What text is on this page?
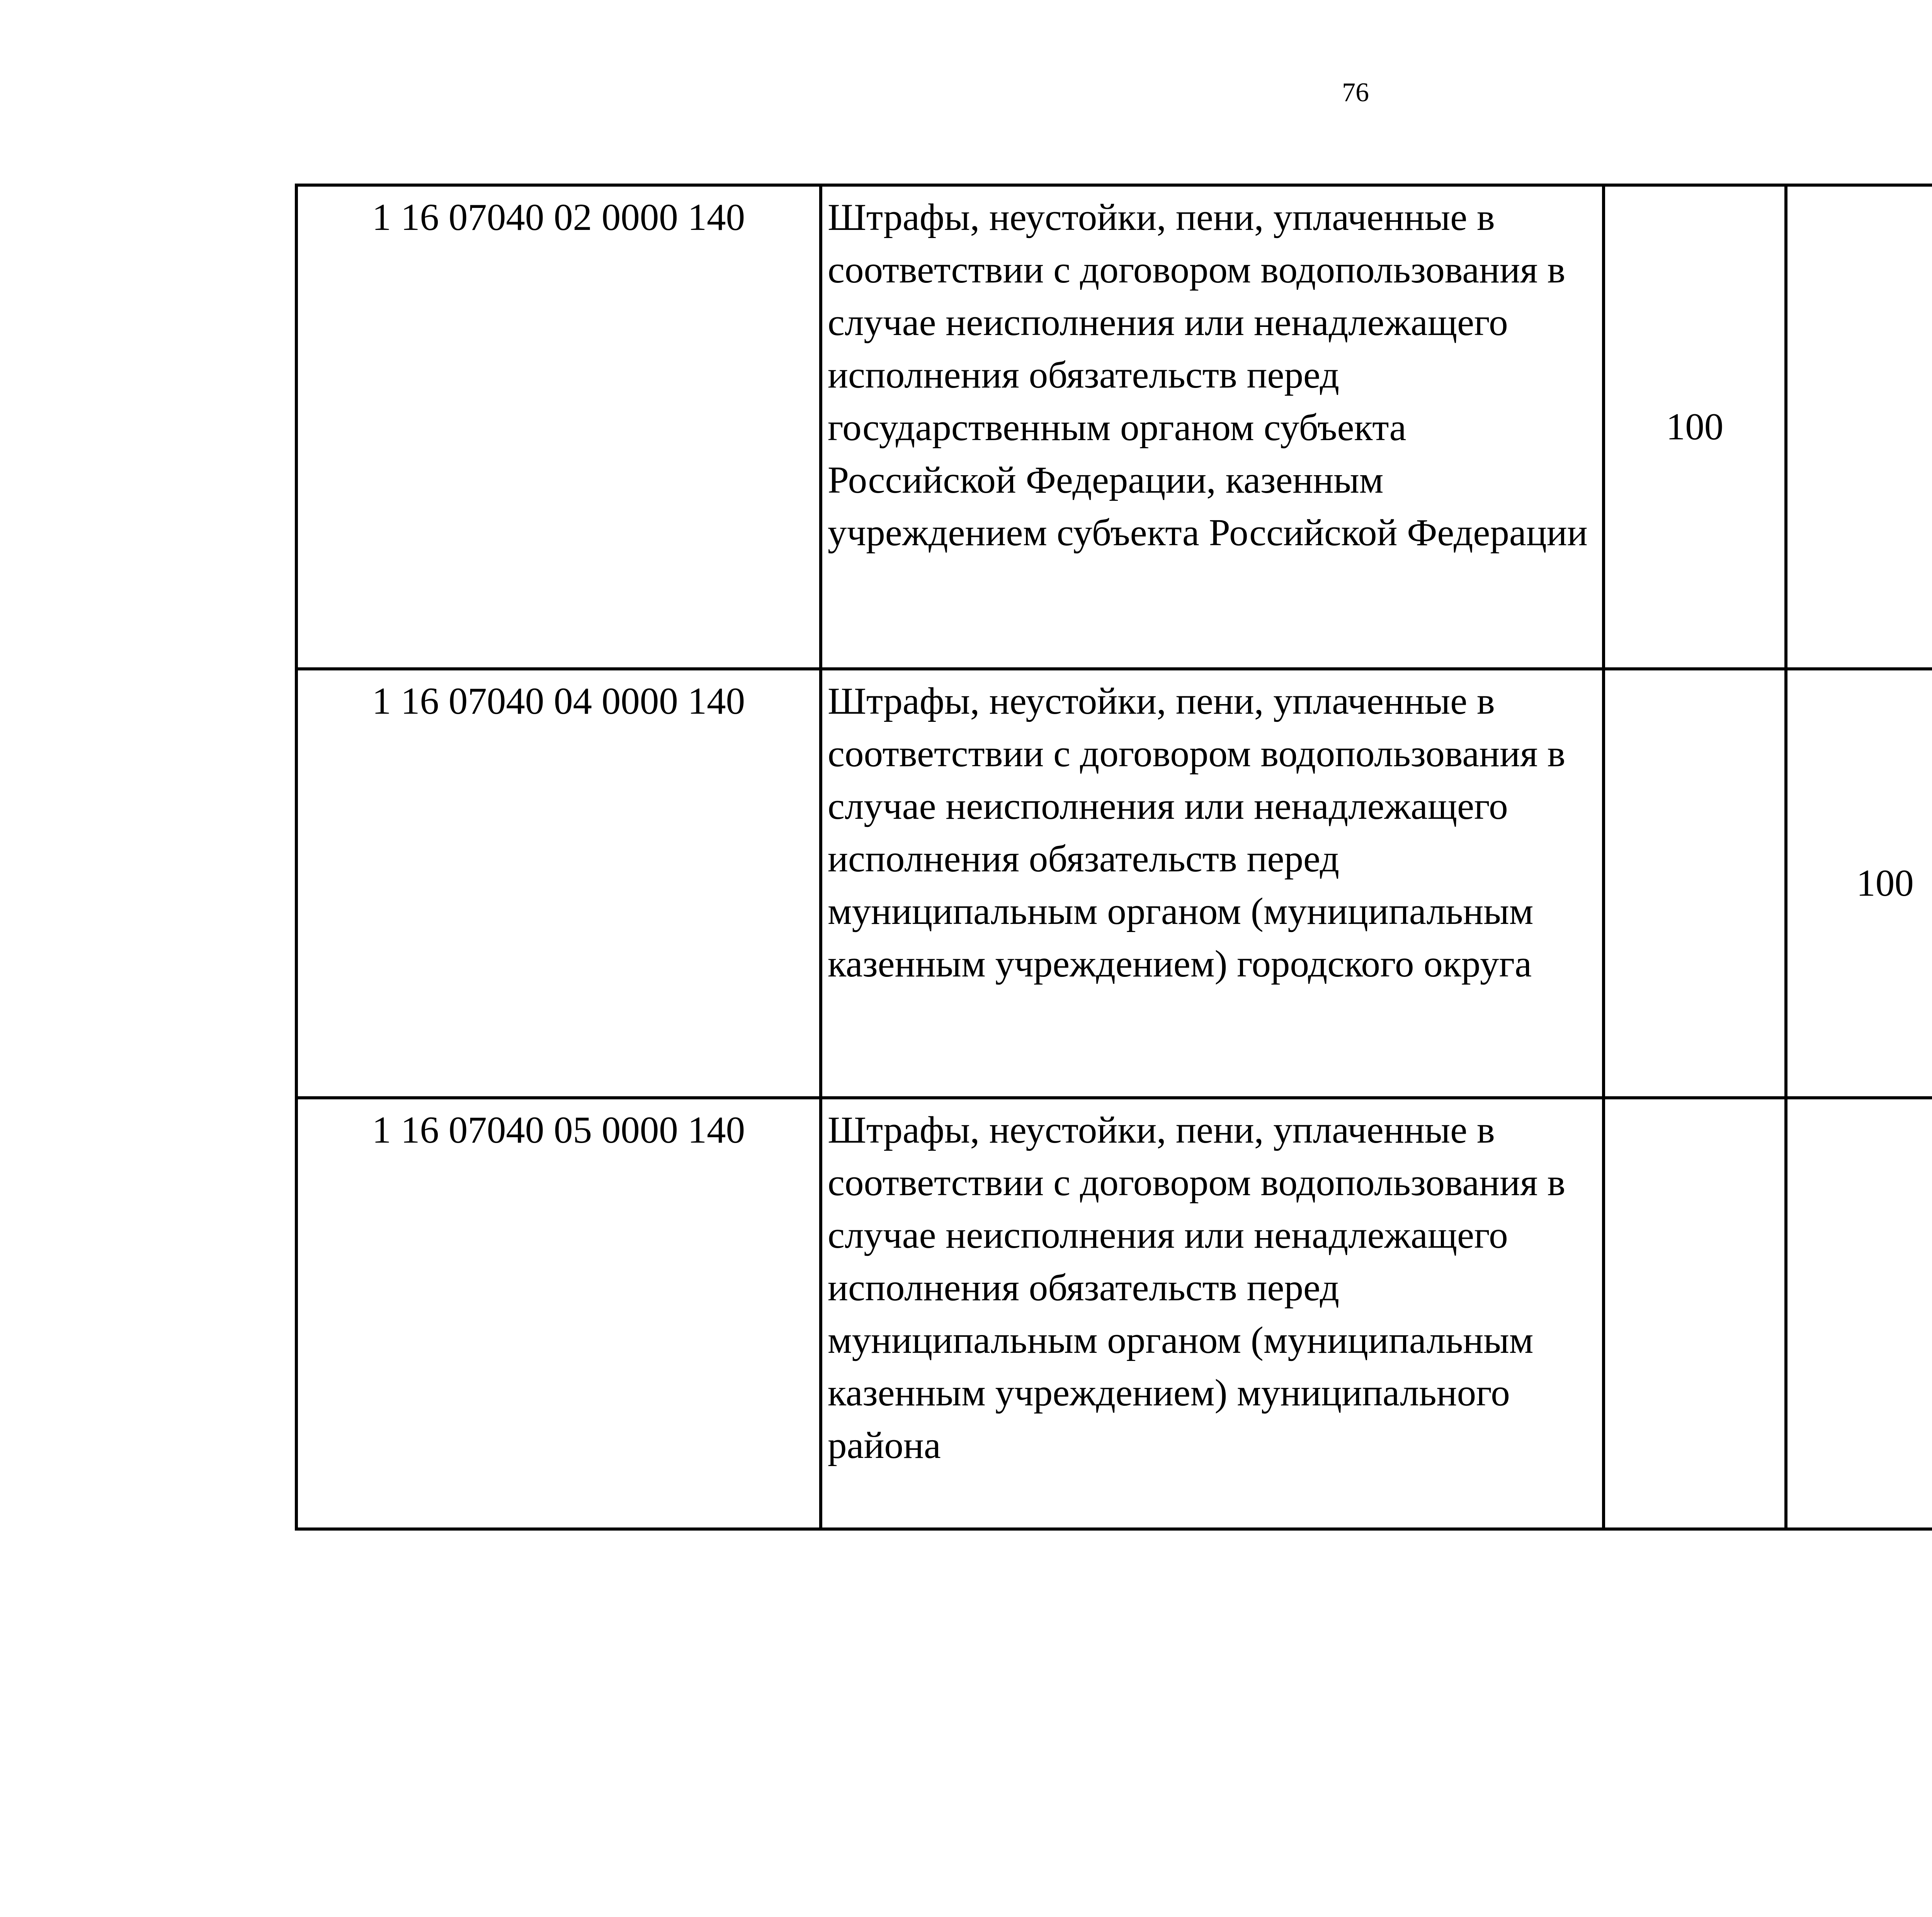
76
1 16 07040 02 0000 140	Штрафы, неустойки, пени, уплаченные в соответствии с договором водопользования в случае неисполнения или ненадлежащего исполнения обязательств перед государственным органом субъекта Российской Федерации, казенным учреждением субъекта Российской Федерации	100				
1 16 07040 04 0000 140	Штрафы, неустойки, пени, уплаченные в соответствии с договором водопользования в случае неисполнения или ненадлежащего исполнения обязательств перед муниципальным органом (муниципальным казенным учреждением) городского округа		100			
1 16 07040 05 0000 140	Штрафы, неустойки, пени, уплаченные в соответствии с договором водопользования в случае неисполнения или ненадлежащего исполнения обязательств перед муниципальным органом (муниципальным казенным учреждением) муниципального района					
